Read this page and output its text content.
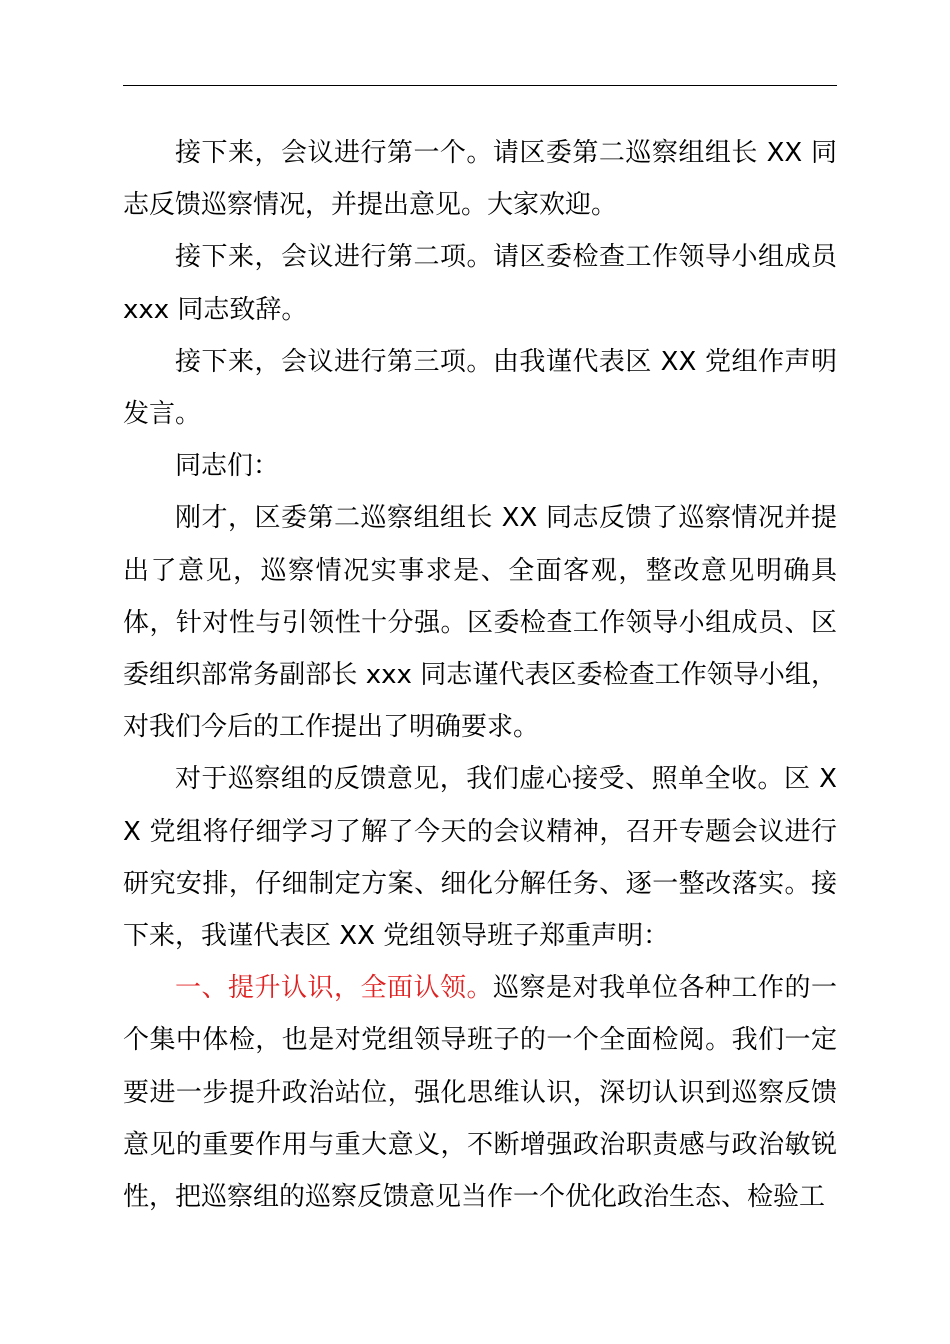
接下来，会议进行第一个。请区委第二巡察组组长 XX 同志反馈巡察情况，并提出意见。大家欢迎。

接下来，会议进行第二项。请区委检查工作领导小组成员 xxx 同志致辞。

接下来，会议进行第三项。由我谨代表区 XX 党组作声明发言。

同志们：

刚才，区委第二巡察组组长 XX 同志反馈了巡察情况并提出了意见，巡察情况实事求是、全面客观，整改意见明确具体，针对性与引领性十分强。区委检查工作领导小组成员、区委组织部常务副部长 xxx 同志谨代表区委检查工作领导小组，对我们今后的工作提出了明确要求。

对于巡察组的反馈意见，我们虚心接受、照单全收。区 XX 党组将仔细学习了解了今天的会议精神，召开专题会议进行研究安排，仔细制定方案、细化分解任务、逐一整改落实。接下来，我谨代表区 XX 党组领导班子郑重声明：

一、提升认识，全面认领。巡察是对我单位各种工作的一个集中体检，也是对党组领导班子的一个全面检阅。我们一定要进一步提升政治站位，强化思维认识，深切认识到巡察反馈意见的重要作用与重大意义，不断增强政治职责感与政治敏锐性，把巡察组的巡察反馈意见当作一个优化政治生态、检验工
